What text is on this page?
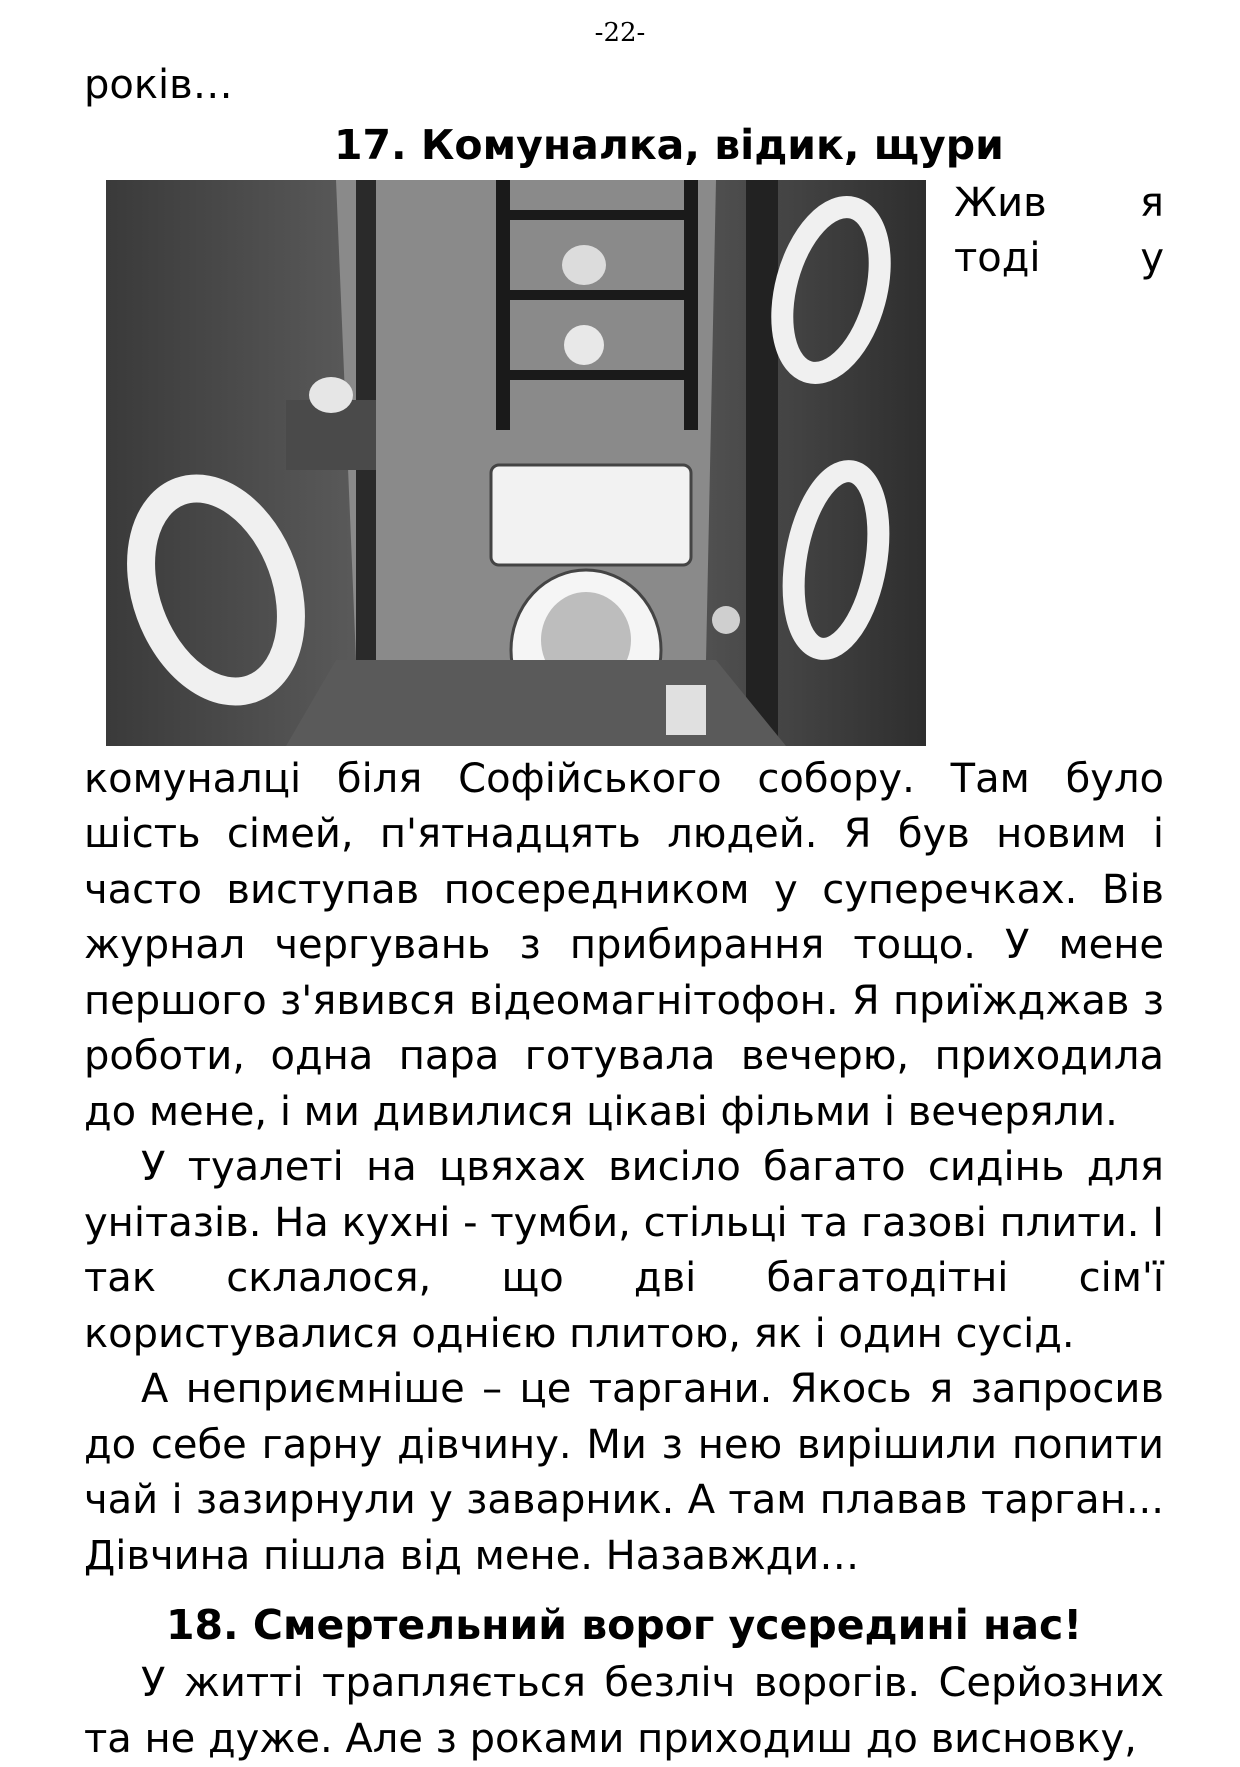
-22-

років…

17. Комуналка, відик, щури

Жив я тоді у комуналці біля Софійського собору. Там було шість сімей, п'ятнадцять людей. Я був новим і часто виступав посередником у суперечках. Вів журнал чергувань з прибирання тощо. У мене першого з'явився відеомагнітофон. Я приїжджав з роботи, одна пара готувала вечерю, приходила до мене, і ми дивилися цікаві фільми і вечеряли.

У туалеті на цвяхах висіло багато сидінь для унітазів. На кухні - тумби, стільці та газові плити. І так склалося, що дві багатодітні сім'ї користувалися однією плитою, як і один сусід.

А неприємніше – це таргани. Якось я запросив до себе гарну дівчину. Ми з нею вирішили попити чай і зазирнули у заварник. А там плавав тарган... Дівчина пішла від мене. Назавжди…

18. Смертельний ворог усередині нас!

У житті трапляється безліч ворогів. Серйозних та не дуже. Але з роками приходиш до висновку,
